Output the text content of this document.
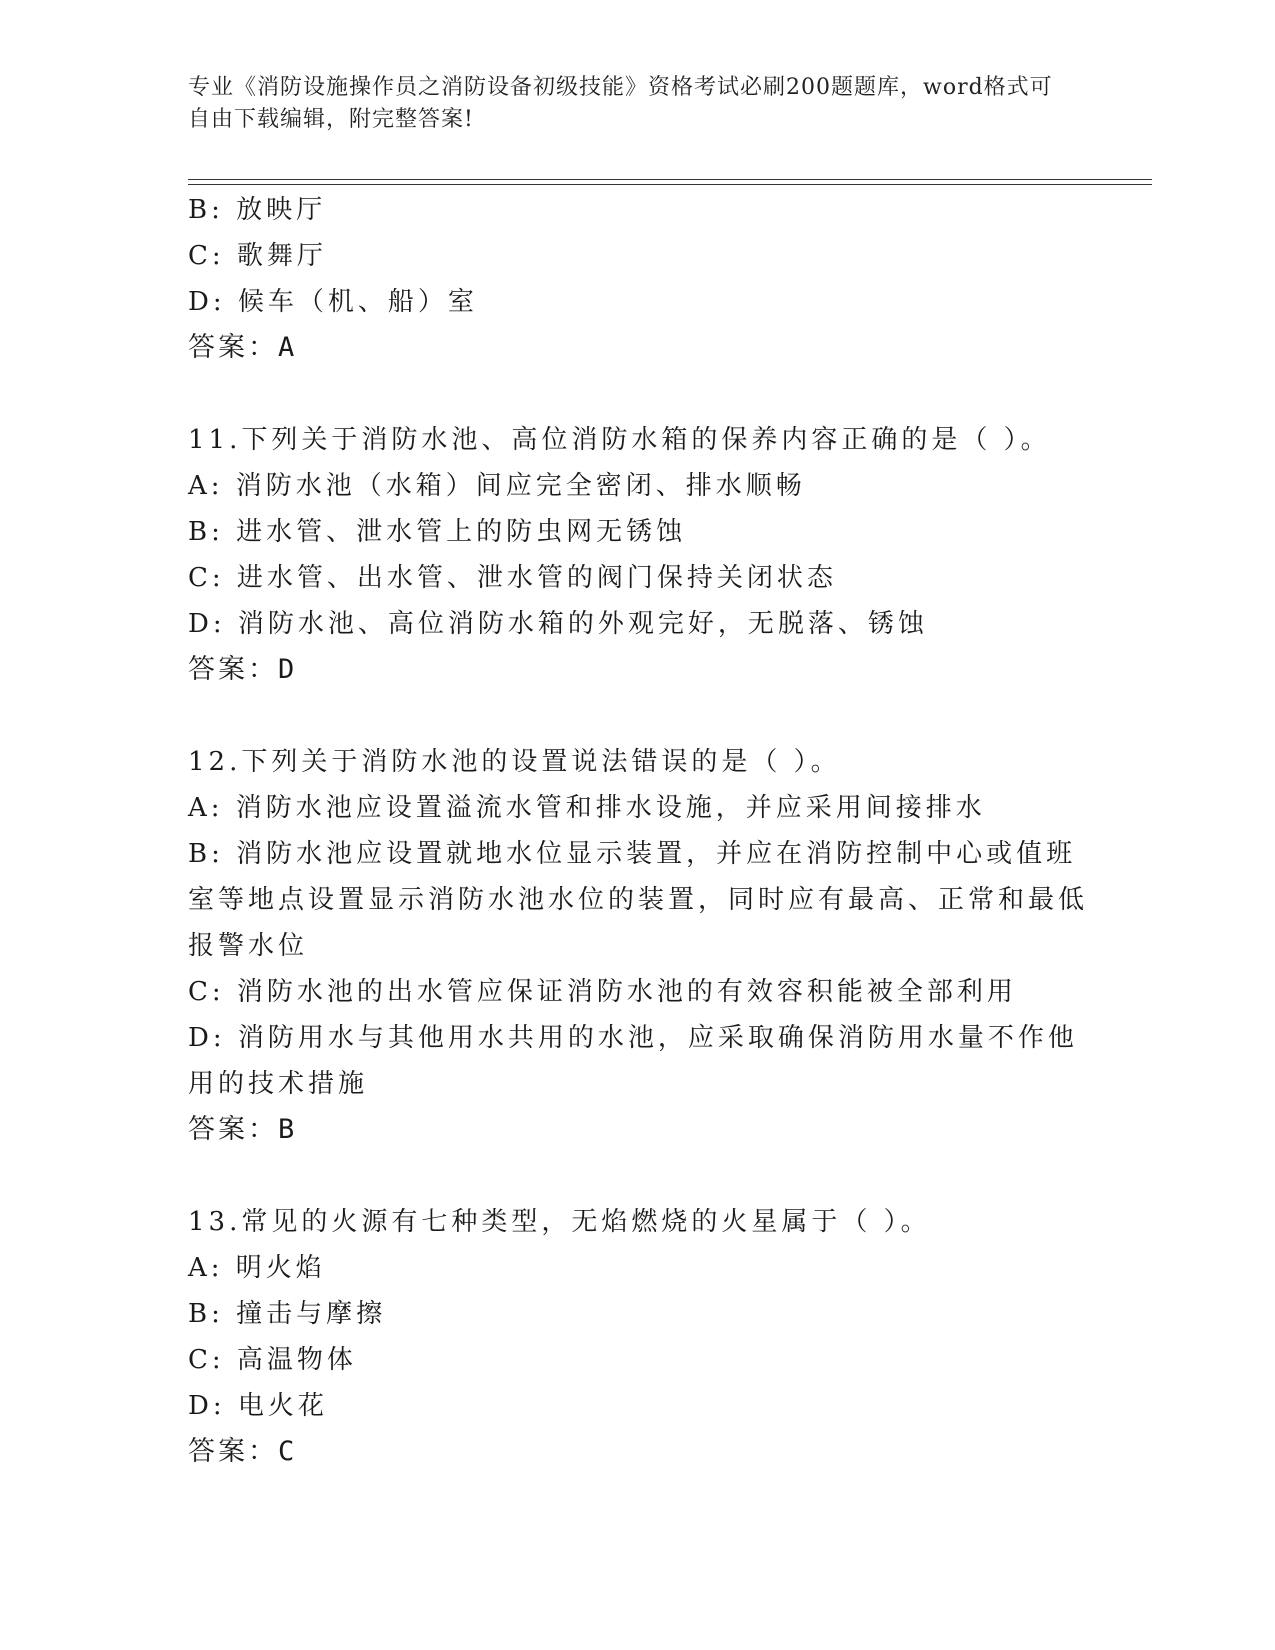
专业《消防设施操作员之消防设备初级技能》资格考试必刷200题题库，word格式可自由下载编辑，附完整答案!
B: 放映厅
C: 歌舞厅
D: 候车（机、船）室
答案：A
11.下列关于消防水池、高位消防水箱的保养内容正确的是（ ）。
A: 消防水池（水箱）间应完全密闭、排水顺畅
B: 进水管、泄水管上的防虫网无锈蚀
C: 进水管、出水管、泄水管的阀门保持关闭状态
D: 消防水池、高位消防水箱的外观完好，无脱落、锈蚀
答案：D
12.下列关于消防水池的设置说法错误的是（ ）。
A: 消防水池应设置溢流水管和排水设施，并应采用间接排水
B: 消防水池应设置就地水位显示装置，并应在消防控制中心或值班室等地点设置显示消防水池水位的装置，同时应有最高、正常和最低报警水位
C: 消防水池的出水管应保证消防水池的有效容积能被全部利用
D: 消防用水与其他用水共用的水池，应采取确保消防用水量不作他用的技术措施
答案：B
13.常见的火源有七种类型，无焰燃烧的火星属于（ ）。
A: 明火焰
B: 撞击与摩擦
C: 高温物体
D: 电火花
答案：C
